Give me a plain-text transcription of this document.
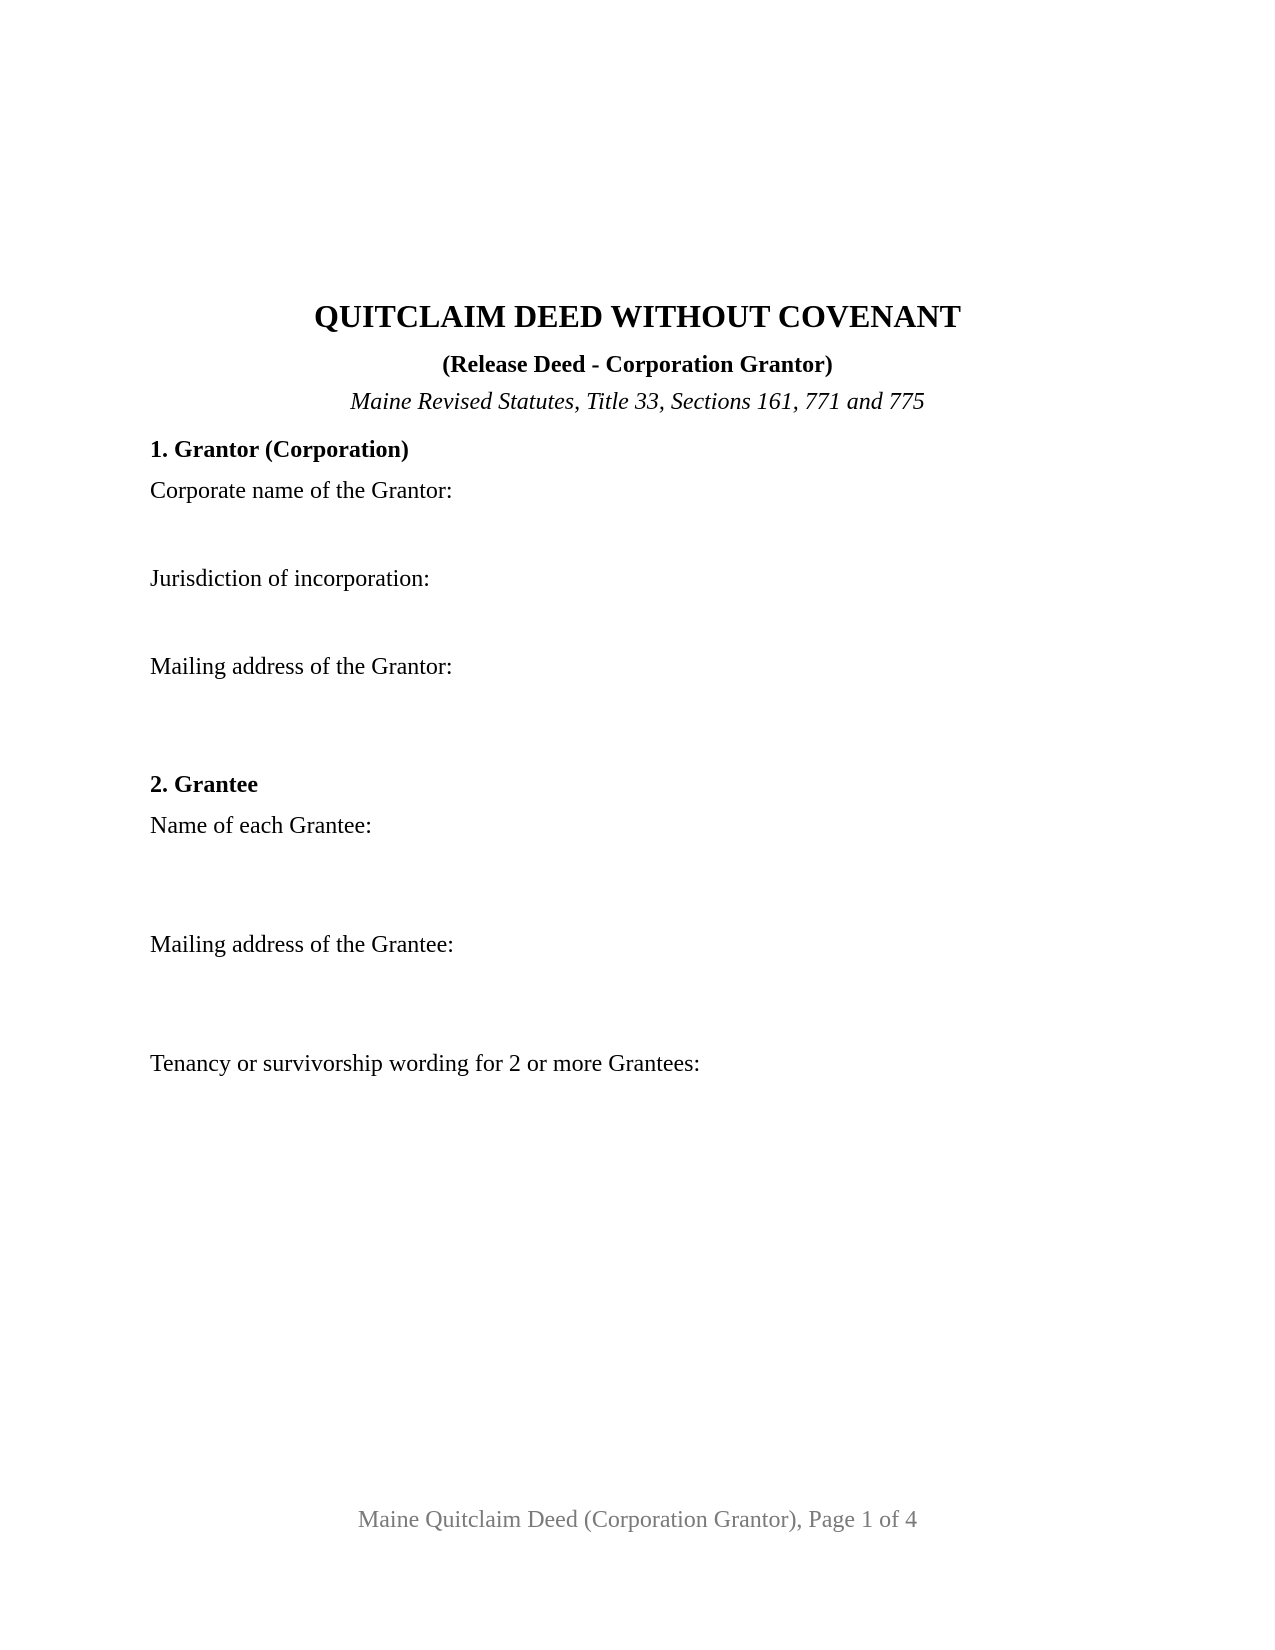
QUITCLAIM DEED WITHOUT COVENANT
(Release Deed - Corporation Grantor)
Maine Revised Statutes, Title 33, Sections 161, 771 and 775
1. Grantor (Corporation)
Corporate name of the Grantor:
Jurisdiction of incorporation:
Mailing address of the Grantor:
2. Grantee
Name of each Grantee:
Mailing address of the Grantee:
Tenancy or survivorship wording for 2 or more Grantees:
Maine Quitclaim Deed (Corporation Grantor), Page 1 of 4
